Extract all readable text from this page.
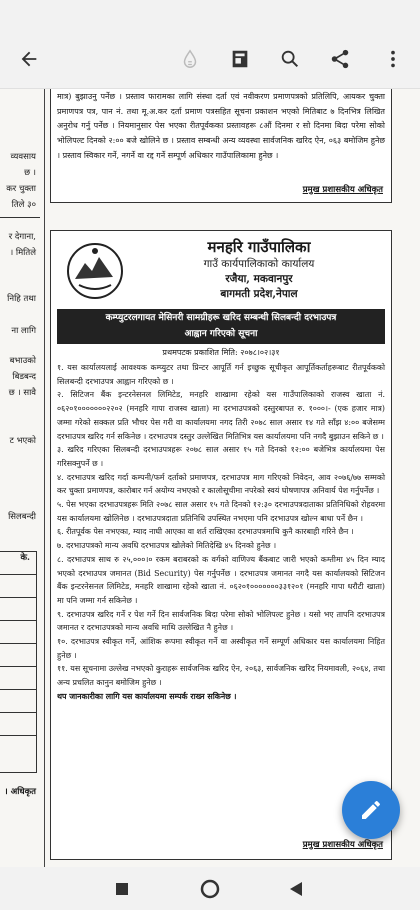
व्यवसाय
छ ।
कर चुक्ता
तिले ३०
र देगाना,
। मितिले
निहि तथा
ना लागि
बभाउको
बिडबन्द
छ । सावै
ट भएको
सिलबन्दी
के.
। अधिकृत
मात्र) बुझाउनु पर्नेछ । प्रस्ताव फारामका लागि संस्था दर्ता एवं नवीकरण प्रमाणपत्रको प्रतिलिपि, आयकर चुक्ता प्रमाणपत्र पत्र, पान नं. तथा मू.अ.कर दर्ता प्रमाण पत्रसहित सूचना प्रकाशन भएको मितिबाट ७ दिनभित्र लिखित अनुरोध गर्नु पर्नेछ । नियमानुसार पेस भएका रीतपूर्वकका प्रस्तावहरू ८औं दिनमा र सो दिनमा बिदा परेमा सोको भोलिपल्ट दिनको २:०० बजे खोलिने छ । प्रस्ताव सम्बन्धी अन्य व्यवस्था सार्वजनिक खरिद ऐन, ०६३ बमोजिम हुनेछ । प्रस्ताव स्विकार गर्ने, नगर्ने वा रद्द गर्ने सम्पूर्ण अधिकार गाउँपालिकामा हुनेछ ।
प्रमुख प्रशासकीय अधिकृत
मनहरि गाउँपालिका
गाउँ कार्यपालिकाको कार्यालय
रजैया, मकवानपुर
बागमती प्रदेश,नेपाल
कम्प्युटरलगायत मेसिनरी सामग्रीहरू खरिद सम्बन्धी सिलबन्दी दरभाउपत्र
आह्वान गरिएको सूचना
प्रथमपटक प्रकाशित मिति: २०७८।०२।३१

१. यस कार्यालयलाई आवश्यक कम्प्युटर तथा प्रिन्टर आपूर्ति गर्न इच्छुक सूचीकृत आपूर्तिकर्ताहरूबाट रीतपूर्वकको सिलबन्दी दरभाउपत्र आह्वान गरिएको छ ।

२. सिटिजन बैंक इन्टरनेसनल लिमिटेड, मनहरि शाखामा रहेको यस गाउँपालिकाको राजस्व खाता नं. ०६२०१०००००००२२०२ (मनहरि गापा राजस्व खाता) मा दरभाउपत्रको दस्तुरबापत रु. १०००।- (एक हजार मात्र) जम्मा गरेको सक्कल प्रति भौचर पेस गरी वा कार्यालयमा नगद तिरी २०७८ साल असार १४ गते साँझ ४:०० बजेसम्म दरभाउपत्र खरिद गर्न सकिनेछ । दरभाउपत्र दस्तुर उल्लेखित मितिभित्र यस कार्यालयमा पनि नगदै बुझाउन सकिने छ ।

३. खरिद गरिएका सिलबन्दी दरभाउपत्रहरू २०७८ साल असार १५ गते दिनको १२:०० बजेभित्र कार्यालयमा पेस गरिसक्नुपर्ने छ ।

४. दरभाउपत्र खरिद गर्दा कम्पनी/फर्म दर्ताको प्रमाणपत्र, दरभाउपत्र माग गरिएको निवेदन, आव २०७६/७७ सम्मको कर चुक्ता प्रमाणपत्र, कारोबार गर्न अयोग्य नभएको र कालोसूचीमा नपरेको स्वयं घोषणापत्र अनिवार्य पेश गर्नुपर्नेछ ।

५. पेस भएका दरभाउपत्रहरू मिति २०७८ साल असार १५ गते दिनको १२:३० दरभाउपत्रदाताका प्रतिनिधिको रोहवरमा यस कार्यालयमा खोलिनेछ । दरभाउपत्रदाता प्रतिनिधि उपस्थित नभएमा पनि दरभाउपत्र खोल्न बाधा पर्ने छैन ।

६. रीतपूर्वक पेस नभएका, म्याद नाघी आएका वा शर्त राखिएका दरभाउपत्रमाथि कुनै कारबाही गरिने छैन ।

७. दरभाउपत्रको मान्य अवधि दरभाउपत्र खोलेको मितिदेखि ४५ दिनको हुनेछ ।

८. दरभाउपत्र साथ रु २५,०००।० रकम बराबरको क वर्गको वाणिज्य बैंकबाट जारी भएको कम्तीमा ४५ दिन म्याद भएको दरभाउपत्र जमानत (Bid Security) पेस गर्नुपर्नेछ । दरभाउपत्र जमानत नगदै यस कार्यालयको सिटिजन बैंक इन्टरनेसनल लिमिटेड, मनहरि शाखामा रहेको खाता नं. ०६२०१०००००००३३१२०१ (मनहरि गापा धरौटी खाता) मा पनि जम्मा गर्न सकिनेछ ।

९. दरभाउपत्र खरिद गर्ने र पेश गर्ने दिन सार्वजनिक बिदा परेमा सोको भोलिपल्ट हुनेछ । यसो भए तापनि दरभाउपत्र जमानत र दरभाउपत्रको मान्य अवधि माथि उल्लेखित नै हुनेछ ।

१०. दरभाउपत्र स्वीकृत गर्ने, आंशिक रूपमा स्वीकृत गर्ने वा अस्वीकृत गर्ने सम्पूर्ण अधिकार यस कार्यालयमा निहित हुनेछ ।

११. यस सूचनामा उल्लेख नभएको कुराहरू सार्वजनिक खरिद ऐन, २०६३, सार्वजनिक खरिद नियमावली, २०६४, तथा अन्य प्रचलित कानुन बमोजिम हुनेछ ।

थप जानकारीका लागि यस कार्यालयमा सम्पर्क राख्न सकिनेछ ।

प्रमुख प्रशासकीय अधिकृत
